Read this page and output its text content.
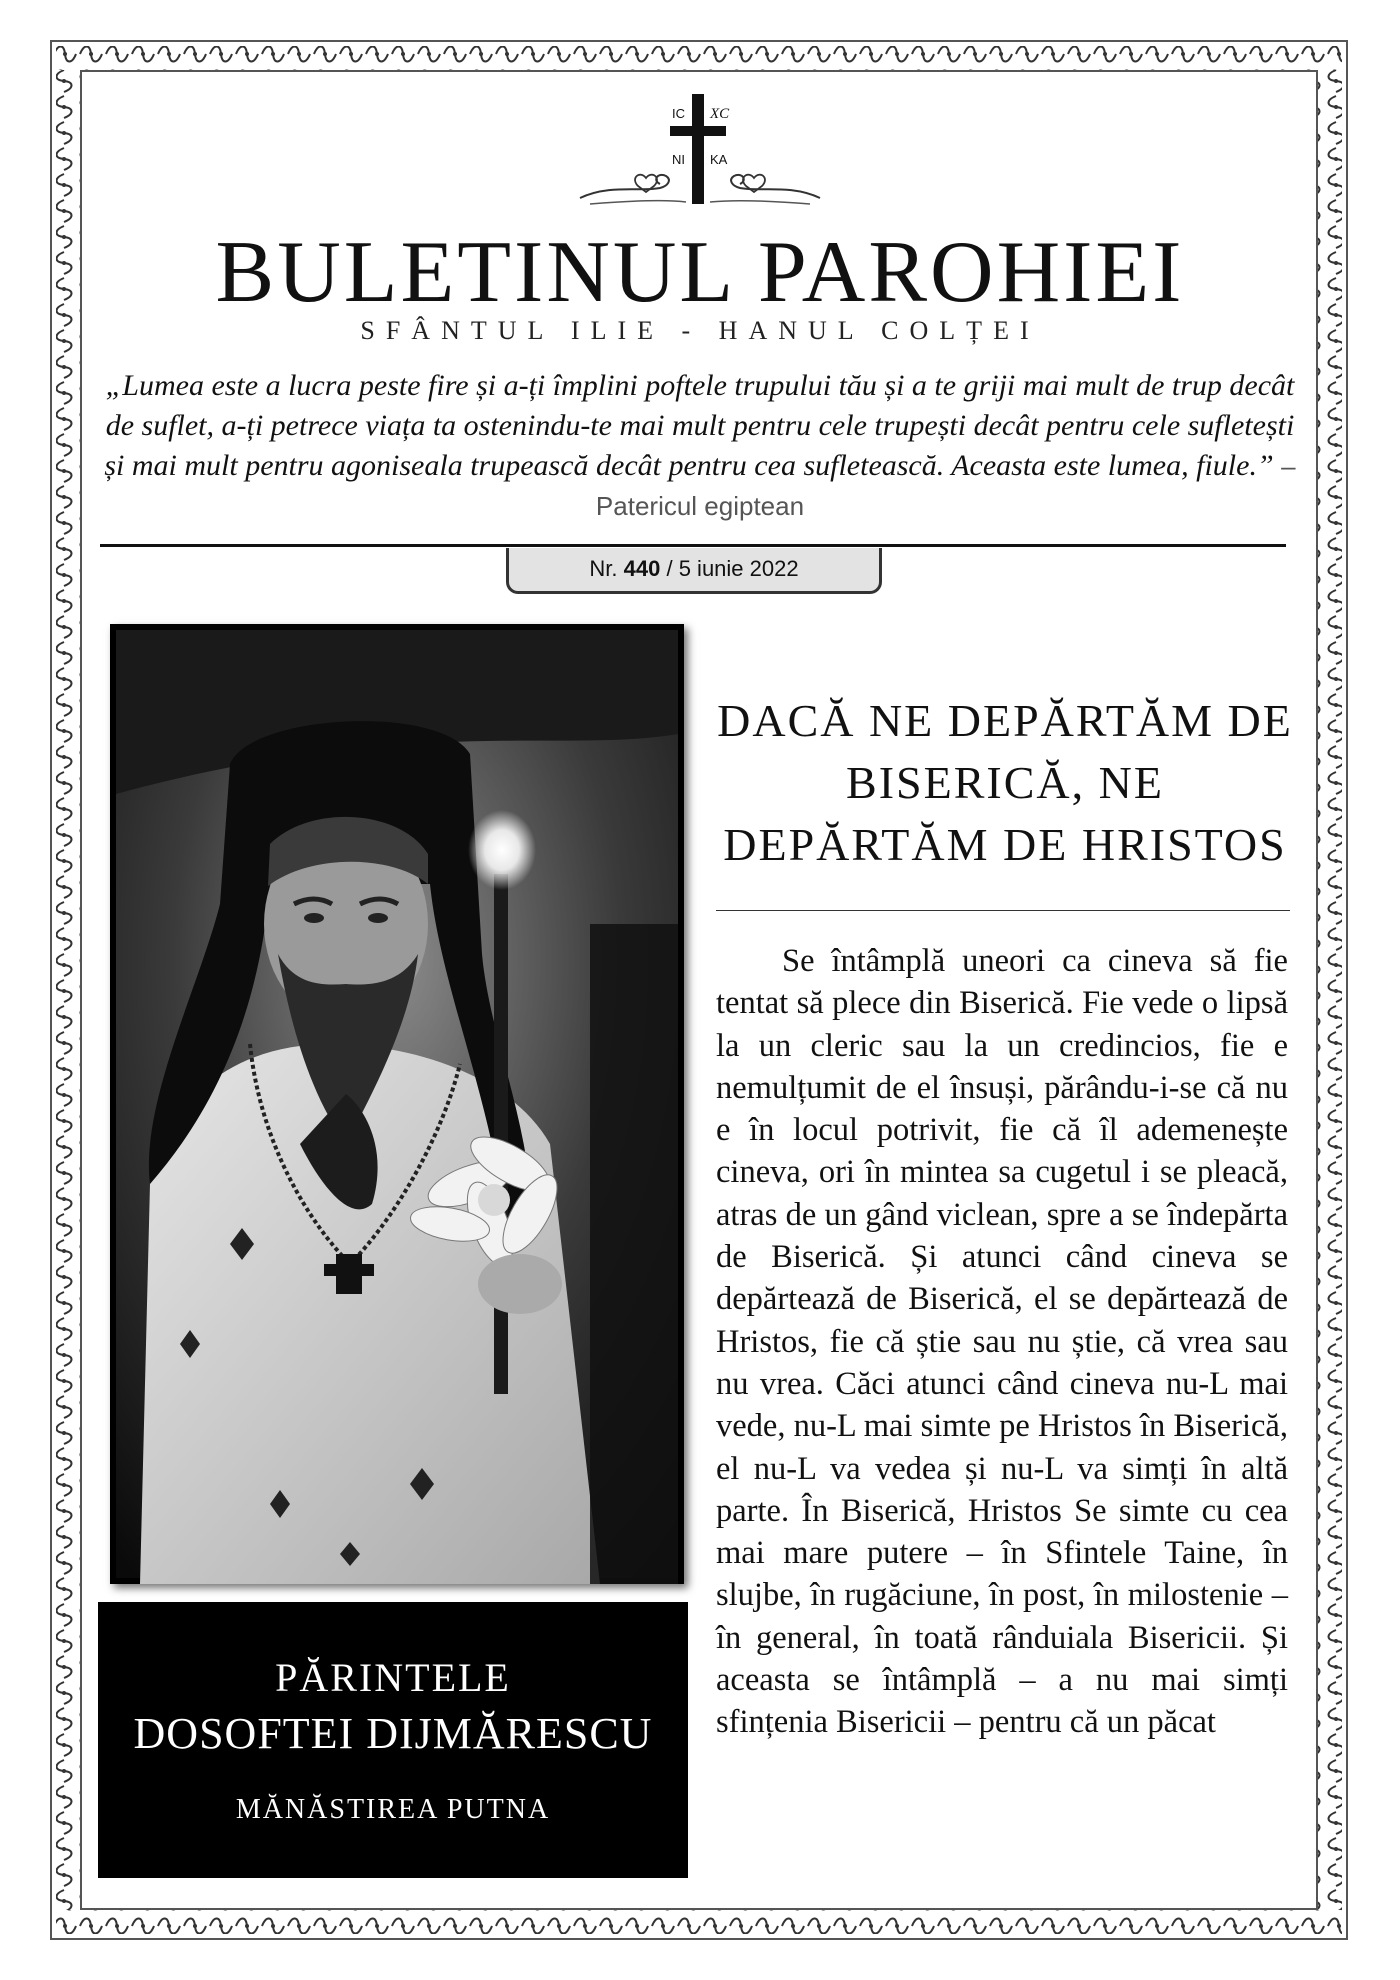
IC XC
NI KA
BULETINUL PAROHIEI
SFÂNTUL ILIE - HANUL COLȚEI
„Lumea este a lucra peste fire și a-ți împlini poftele trupului tău și a te griji mai mult de trup decât de suflet, a-ți petrece viața ta ostenindu-te mai mult pentru cele trupești decât pentru cele sufletești și mai mult pentru agoniseala trupească decât pentru cea sufletească. Aceasta este lumea, fiule.” – Patericul egiptean
Nr. 440 / 5 iunie 2022
PĂRINTELE
DOSOFTEI DIJMĂRESCU
MĂNĂSTIREA PUTNA
DACĂ NE DEPĂRTĂM DE BISERICĂ, NE DEPĂRTĂM DE HRISTOS
Se întâmplă uneori ca cineva să fie tentat să plece din Biserică. Fie vede o lipsă la un cleric sau la un credincios, fie e nemulțumit de el însuși, părându-i-se că nu e în locul potrivit, fie că îl ademenește cineva, ori în mintea sa cugetul i se pleacă, atras de un gând viclean, spre a se îndepărta de Biserică. Și atunci când cineva se depărtează de Biserică, el se depărtează de Hristos, fie că știe sau nu știe, că vrea sau nu vrea. Căci atunci când cineva nu-L mai vede, nu-L mai simte pe Hristos în Biserică, el nu-L va vedea și nu-L va simți în altă parte. În Biserică, Hristos Se simte cu cea mai mare putere – în Sfintele Taine, în slujbe, în rugăciune, în post, în milostenie – în general, în toată rânduiala Bisericii. Și aceasta se întâmplă – a nu mai simți sfințenia Bisericii – pentru că un păcat
